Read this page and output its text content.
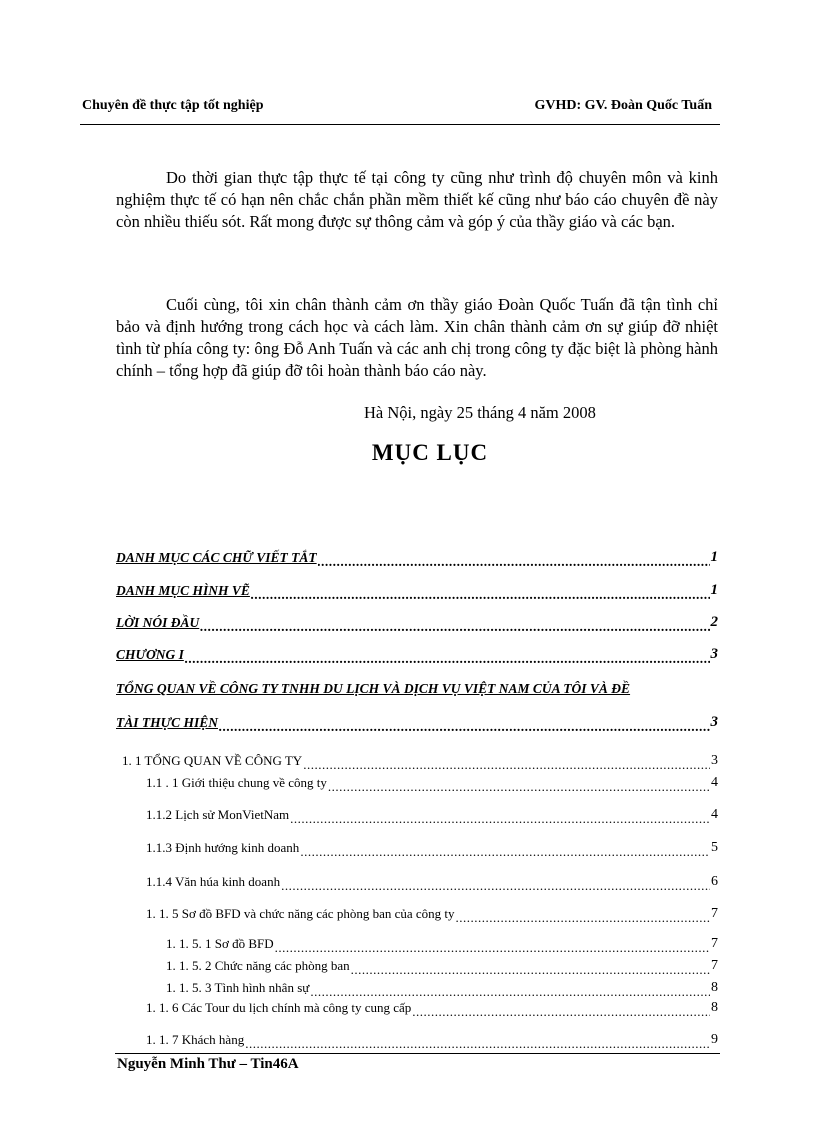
Chuyên đề thực tập tốt nghiệp	GVHD: GV. Đoàn Quốc Tuấn

Do thời gian thực tập thực tế tại công ty cũng như trình độ chuyên môn và kinh nghiệm thực tế có hạn nên chắc chắn phần mềm thiết kế cũng như báo cáo chuyên đề này còn nhiều thiếu sót. Rất mong được sự thông cảm và góp ý của thầy giáo và các bạn.

Cuối cùng, tôi xin chân thành cảm ơn thầy giáo Đoàn Quốc Tuấn đã tận tình chỉ bảo và định hướng trong cách học và cách làm. Xin chân thành cảm ơn sự giúp đỡ nhiệt tình từ phía công ty: ông Đỗ Anh Tuấn và các anh chị trong công ty đặc biệt là phòng hành chính – tổng hợp đã giúp đỡ tôi hoàn thành báo cáo này.

Hà Nội, ngày 25 tháng 4 năm 2008
MỤC LỤC
DANH MỤC CÁC CHỮ VIẾT TẮT .....	1
DANH MỤC HÌNH VẼ .....	1
LỜI NÓI ĐẦU .....	2
CHƯƠNG I .....	3
TỔNG QUAN VỀ CÔNG TY TNHH DU LỊCH VÀ DỊCH VỤ VIỆT NAM CỦA TÔI VÀ ĐỀ
TÀI THỰC HIỆN .....	3
1. 1 TỔNG QUAN VỀ CÔNG TY .....	3
1.1 . 1 Giới thiệu chung về công ty .....	4
1.1.2 Lịch sử MonVietNam .....	4
1.1.3 Định hướng kinh doanh .....	5
1.1.4 Văn húa kinh doanh .....	6
1. 1. 5 Sơ đồ BFD và chức năng các phòng ban của công ty .....	7
1. 1. 5. 1 Sơ đồ BFD .....	7
1. 1. 5. 2 Chức năng các phòng ban .....	7
1. 1. 5. 3 Tình hình nhân sự .....	8
1. 1. 6 Các Tour du lịch chính mà công ty cung cấp .....	8
1. 1. 7 Khách hàng .....	9
Nguyễn Minh Thư – Tin46A
